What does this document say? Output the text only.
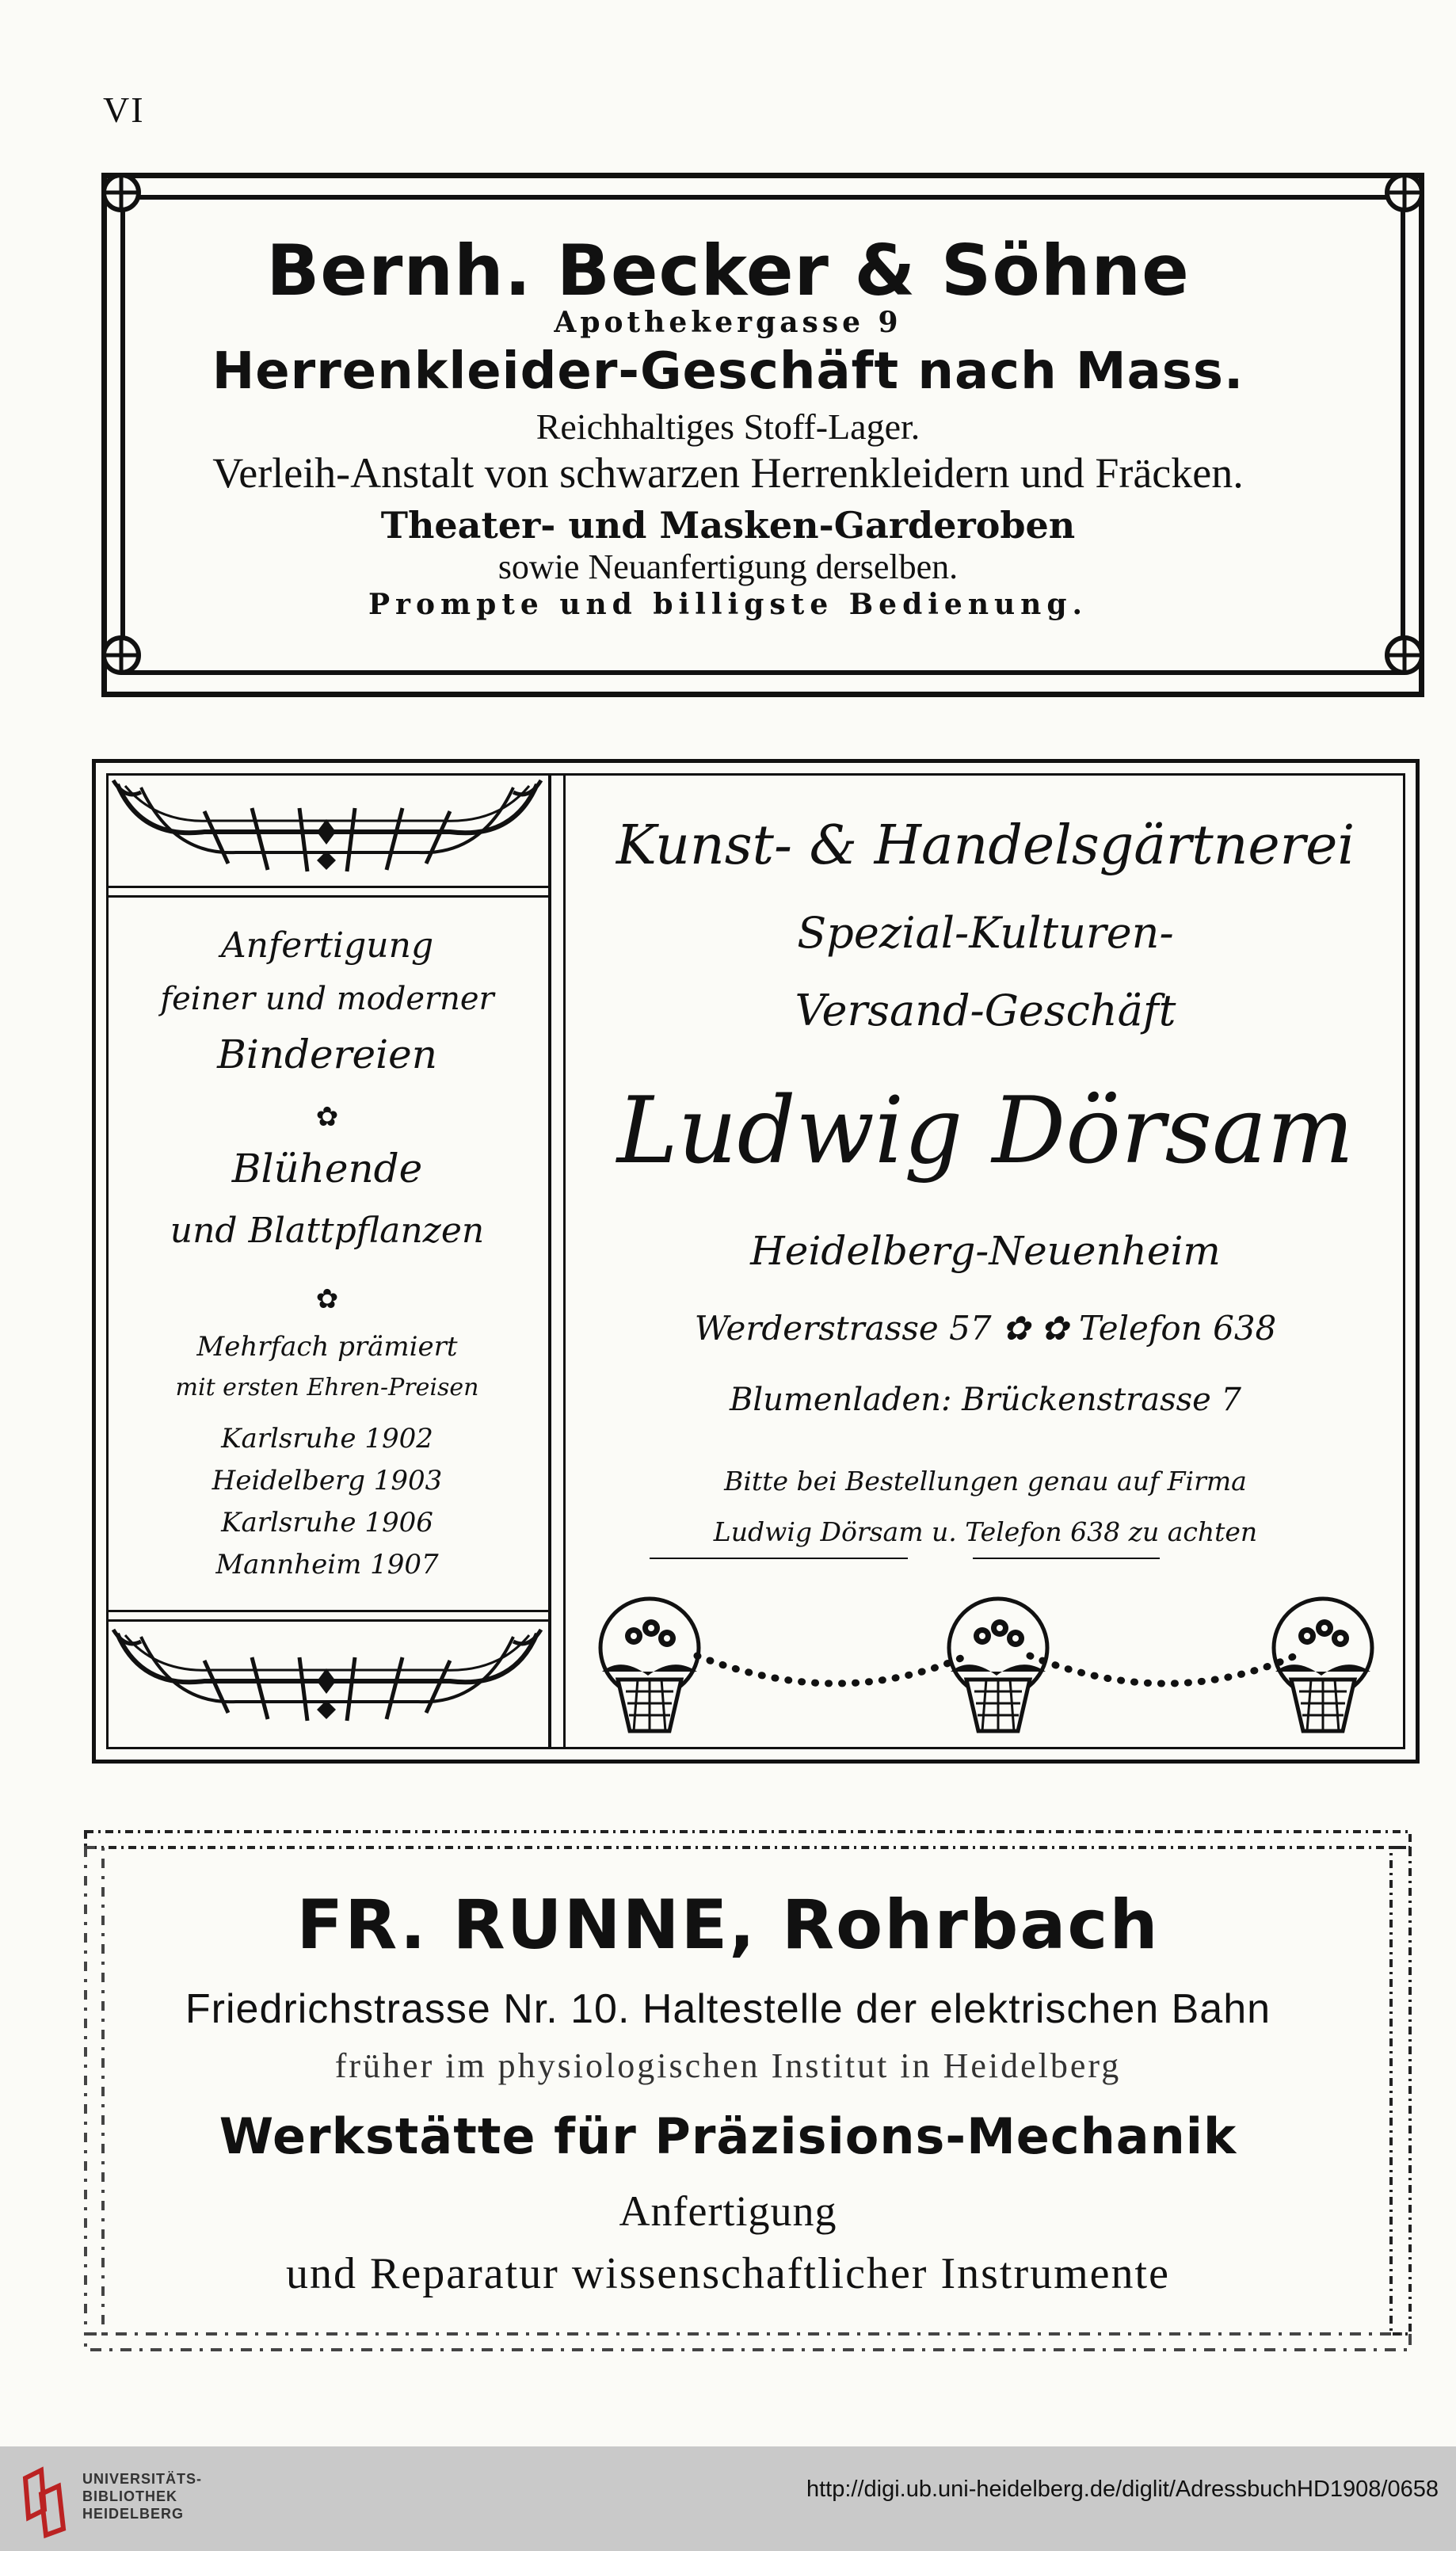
VI
Bernh. Becker & Söhne
Apothekergasse 9
Herrenkleider-Geschäft nach Mass.
Reichhaltiges Stoff-Lager.
Verleih-Anstalt von schwarzen Herrenkleidern und Fräcken.
Theater- und Masken-Garderoben
sowie Neuanfertigung derselben.
Prompte und billigste Bedienung.
Anfertigung
feiner und moderner
Bindereien
✿
Blühende
und Blattpflanzen
✿
Mehrfach prämiert
mit ersten Ehren-Preisen
Karlsruhe 1902
Heidelberg 1903
Karlsruhe 1906
Mannheim 1907
Kunst- & Handelsgärtnerei
Spezial-Kulturen-
Versand-Geschäft
Ludwig Dörsam
Heidelberg-Neuenheim
Werderstrasse 57 ✿ ✿ Telefon 638
Blumenladen: Brückenstrasse 7
Bitte bei Bestellungen genau auf Firma
Ludwig Dörsam u. Telefon 638 zu achten
FR. RUNNE, Rohrbach
Friedrichstrasse Nr. 10. Haltestelle der elektrischen Bahn
früher im physiologischen Institut in Heidelberg
Werkstätte für Präzisions-Mechanik
Anfertigung
und Reparatur wissenschaftlicher Instrumente
UNIVERSITÄTS-
BIBLIOTHEK
HEIDELBERG
http://digi.ub.uni-heidelberg.de/diglit/AdressbuchHD1908/0658
